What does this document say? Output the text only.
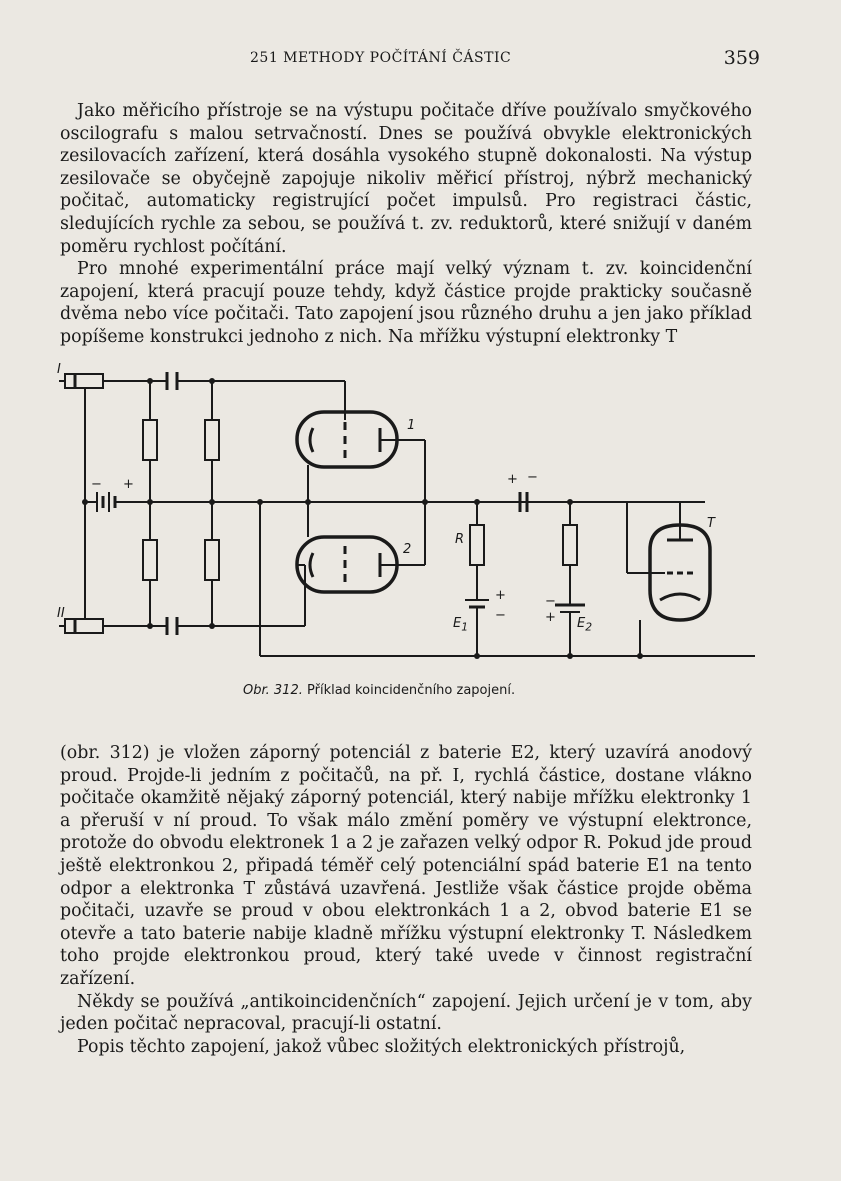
251 METHODY POČÍTÁNÍ ČÁSTIC	359

Jako měřicího přístroje se na výstupu počitače dříve používalo smyčkového oscilografu s malou setrvačností. Dnes se používá obvykle elektronických zesilovacích zařízení, která dosáhla vysokého stupně dokonalosti. Na výstup zesilovače se obyčejně zapojuje nikoliv měřicí přístroj, nýbrž mechanický počitač, automaticky registrující počet impulsů. Pro registraci částic, sledujících rychle za sebou, se používá t. zv. reduktorů, které snižují v daném poměru rychlost počítání.

Pro mnohé experimentální práce mají velký význam t. zv. koincidenční zapojení, která pracují pouze tehdy, když částice projde prakticky současně dvěma nebo více počitači. Tato zapojení jsou různého druhu a jen jako příklad popíšeme konstrukci jednoho z nich. Na mřížku výstupní elektronky T

II
1
2
T
R
$E_1$	$E_2$
− +
+
−
−
+
+ −
I
Obr. 312. Příklad koincidenčního zapojení.

(obr. 312) je vložen záporný potenciál z baterie E2, který uzavírá anodový proud. Projde-li jedním z počitačů, na př. I, rychlá částice, dostane vlákno počitače okamžitě nějaký záporný potenciál, který nabije mřížku elektronky 1 a přeruší v ní proud. To však málo změní poměry ve výstupní elektronce, protože do obvodu elektronek 1 a 2 je zařazen velký odpor R. Pokud jde proud ještě elektronkou 2, připadá téměř celý potenciální spád baterie E1 na tento odpor a elektronka T zůstává uzavřená. Jestliže však částice projde oběma počitači, uzavře se proud v obou elektronkách 1 a 2, obvod baterie E1 se otevře a tato baterie nabije kladně mřížku výstupní elektronky T. Následkem toho projde elektronkou proud, který také uvede v činnost registrační zařízení.

Někdy se používá „antikoincidenčních“ zapojení. Jejich určení je v tom, aby jeden počitač nepracoval, pracují-li ostatní.

Popis těchto zapojení, jakož vůbec složitých elektronických přístrojů,
